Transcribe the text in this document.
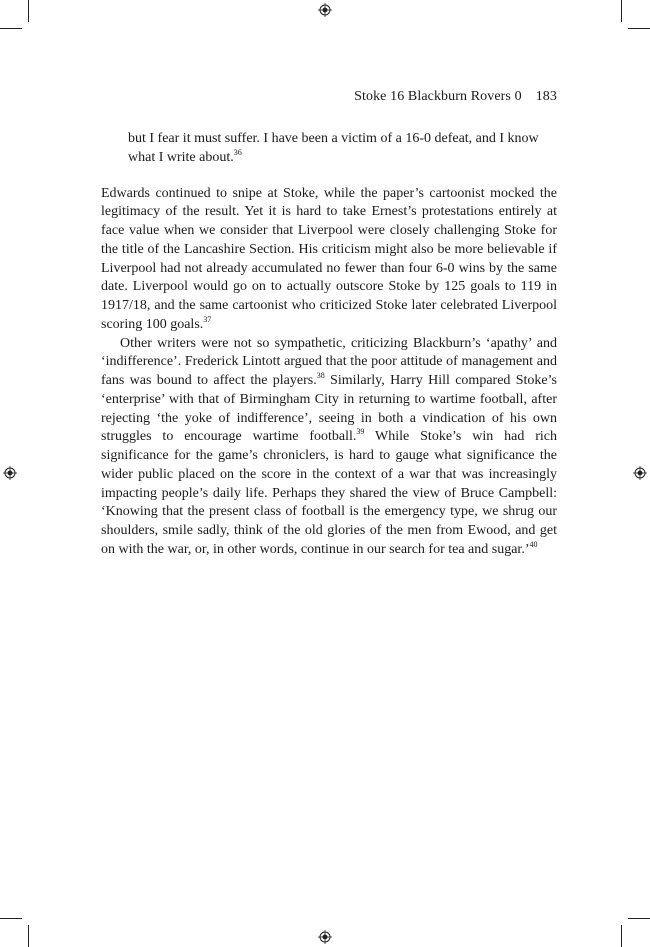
Stoke 16 Blackburn Rovers 0 183

but I fear it must suffer. I have been a victim of a 16-0 defeat, and I know what I write about.$^{36}$

Edwards continued to snipe at Stoke, while the paper’s cartoonist mocked the legitimacy of the result. Yet it is hard to take Ernest’s protestations entirely at face value when we consider that Liverpool were closely challenging Stoke for the title of the Lancashire Section. His criticism might also be more believable if Liverpool had not already accumulated no fewer than four 6-0 wins by the same date. Liverpool would go on to actually outscore Stoke by 125 goals to 119 in 1917/18, and the same cartoonist who criticized Stoke later celebrated Liverpool scoring 100 goals.$^{37}$

Other writers were not so sympathetic, criticizing Blackburn’s ‘apathy’ and ‘indifference’. Frederick Lintott argued that the poor attitude of management and fans was bound to affect the players.$^{38}$ Similarly, Harry Hill compared Stoke’s ‘enterprise’ with that of Birmingham City in returning to wartime football, after rejecting ‘the yoke of indifference’, seeing in both a vindication of his own struggles to encourage wartime football.$^{39}$ While Stoke’s win had rich significance for the game’s chroniclers, is hard to gauge what significance the wider public placed on the score in the context of a war that was increasingly impacting people’s daily life. Perhaps they shared the view of Bruce Campbell: ‘Knowing that the present class of football is the emergency type, we shrug our shoulders, smile sadly, think of the old glories of the men from Ewood, and get on with the war, or, in other words, continue in our search for tea and sugar.’$^{40}$
